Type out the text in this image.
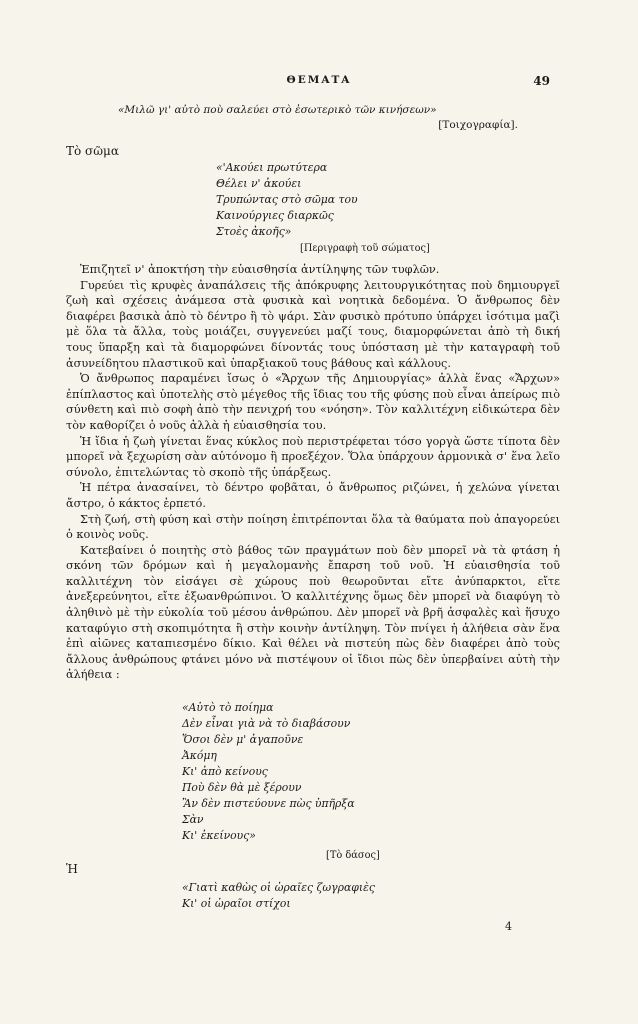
ΘΕΜΑΤΑ	49
«Μιλῶ γι' αὐτὸ ποὺ σαλεύει στὸ ἐσωτερικὸ τῶν κινήσεων»
[Τοιχογραφία].
Τὸ σῶμα
«'Ακούει πρωτύτερα
Θέλει ν' ἀκούει
Τρυπώντας στὸ σῶμα του
Καινούργιες διαρκῶς
Στοὲς ἀκοῆς»
[Περιγραφὴ τοῦ σώματος]

Ἐπιζητεῖ ν' ἀποκτήση τὴν εὐαισθησία ἀντίληψης τῶν τυφλῶν.

Γυρεύει τὶς κρυφὲς ἀναπάλσεις τῆς ἀπόκρυφης λειτουργικότητας ποὺ δημιουργεῖ ζωὴ καὶ σχέσεις ἀνάμεσα στὰ φυσικὰ καὶ νοητικὰ δεδομένα. Ὁ ἄνθρωπος δὲν διαφέρει βασικὰ ἀπὸ τὸ δέντρο ἢ τὸ ψάρι. Σὰν φυσικὸ πρότυπο ὑπάρχει ἰσότιμα μαζὶ μὲ ὅλα τὰ ἄλλα, τοὺς μοιάζει, συγγενεύει μαζί τους, διαμορφώνεται ἀπὸ τὴ δική τους ὕπαρξη καὶ τὰ διαμορφώνει δίνοντάς τους ὑπόσταση μὲ τὴν καταγραφὴ τοῦ ἀσυνείδητου πλαστικοῦ καὶ ὑπαρξιακοῦ τους βάθους καὶ κάλλους.

Ὁ ἄνθρωπος παραμένει ἴσως ὁ «Ἄρχων τῆς Δημιουργίας» ἀλλὰ ἕνας «Ἄρχων» ἐπίπλαστος καὶ ὑποτελὴς στὸ μέγεθος τῆς ἴδιας του τῆς φύσης ποὺ εἶναι ἀπείρως πιὸ σύνθετη καὶ πιὸ σοφὴ ἀπὸ τὴν πενιχρή του «νόηση». Τὸν καλλιτέχνη εἰδικώτερα δὲν τὸν καθορίζει ὁ νοῦς ἀλλὰ ἡ εὐαισθησία του.

Ἡ ἴδια ἡ ζωὴ γίνεται ἕνας κύκλος ποὺ περιστρέφεται τόσο γοργὰ ὥστε τίποτα δὲν μπορεῖ νὰ ξεχωρίση σὰν αὐτόνομο ἢ προεξέχον. Ὅλα ὑπάρχουν ἁρμονικὰ σ' ἕνα λεῖο σύνολο, ἐπιτελώντας τὸ σκοπὸ τῆς ὑπάρξεως.

Ἡ πέτρα ἀνασαίνει, τὸ δέντρο φοβᾶται, ὁ ἄνθρωπος ριζώνει, ἡ χελώνα γίνεται ἄστρο, ὁ κάκτος ἑρπετό.

Στὴ ζωή, στὴ φύση καὶ στὴν ποίηση ἐπιτρέπονται ὅλα τὰ θαύματα ποὺ ἀπαγορεύει ὁ κοινὸς νοῦς.

Κατεβαίνει ὁ ποιητὴς στὸ βάθος τῶν πραγμάτων ποὺ δὲν μπορεῖ νὰ τὰ φτάση ἡ σκόνη τῶν δρόμων καὶ ἡ μεγαλομανὴς ἔπαρση τοῦ νοῦ. Ἡ εὐαισθησία τοῦ καλλιτέχνη τὸν εἰσάγει σὲ χώρους ποὺ θεωροῦνται εἴτε ἀνύπαρκτοι, εἴτε ἀνεξερεύνητοι, εἴτε ἐξωανθρώπινοι. Ὁ καλλιτέχνης ὅμως δὲν μπορεῖ νὰ διαφύγη τὸ ἀληθινὸ μὲ τὴν εὐκολία τοῦ μέσου ἀνθρώπου. Δὲν μπορεῖ νὰ βρῆ ἀσφαλὲς καὶ ἥσυχο καταφύγιο στὴ σκοπιμότητα ἢ στὴν κοινὴν ἀντίληψη. Τὸν πνίγει ἡ ἀλήθεια σὰν ἕνα ἐπὶ αἰῶνες καταπιεσμένο δίκιο. Καὶ θέλει νὰ πιστεύη πὼς δὲν διαφέρει ἀπὸ τοὺς ἄλλους ἀνθρώπους φτάνει μόνο νὰ πιστέψουν οἱ ἴδιοι πὼς δὲν ὑπερβαίνει αὐτὴ τὴν ἀλήθεια :

«Αὐτὸ τὸ ποίημα
Δὲν εἶναι γιὰ νὰ τὸ διαβάσουν
Ὅσοι δὲν μ' ἀγαποῦνε
Ἀκόμη
Κι' ἀπὸ κείνους
Ποὺ δὲν θὰ μὲ ξέρουν
Ἂν δὲν πιστεύουνε πὼς ὑπῆρξα
Σὰν
Κι' ἐκείνους»
[Τὸ δάσος]
Ἡ
«Γιατὶ καθὼς οἱ ὡραῖες ζωγραφιὲς
Κι' οἱ ὡραῖοι στίχοι
4
